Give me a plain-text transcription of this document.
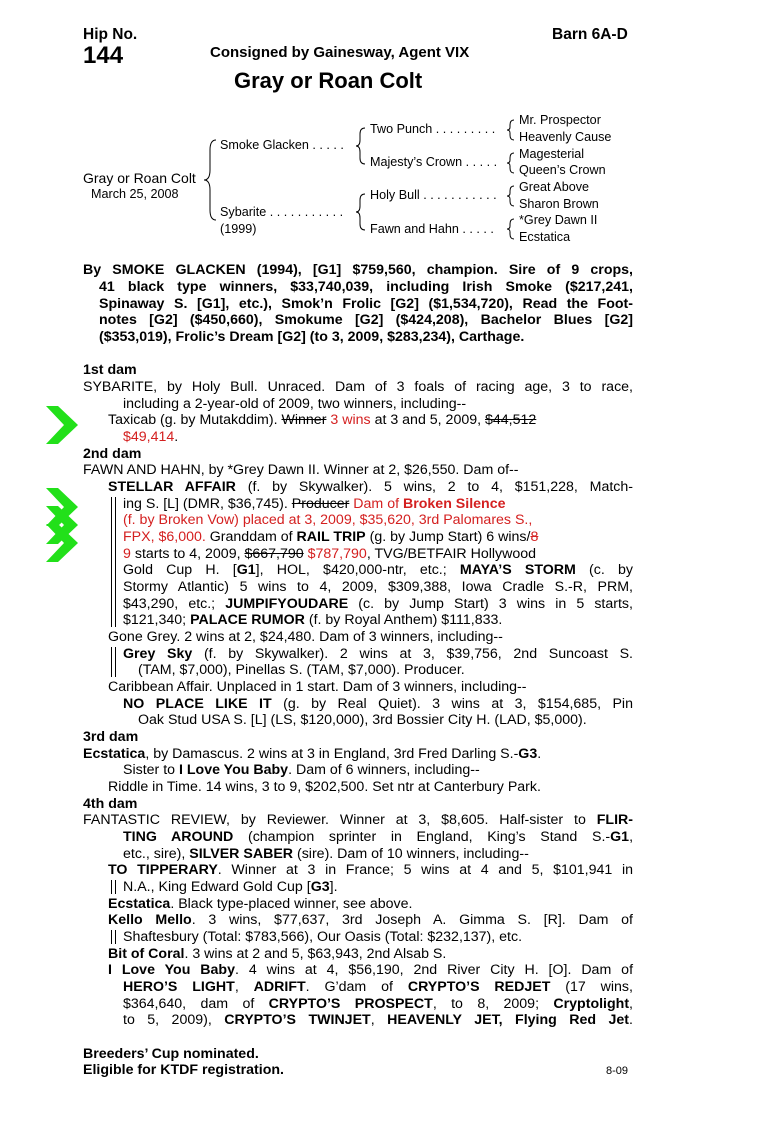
Hip No.
144
Barn 6A-D
Consigned by Gainesway, Agent VIX
Gray or Roan Colt
Gray or Roan Colt
March 25, 2008
Smoke Glacken . . . . .
Sybarite . . . . . . . . . . .
(1999)
Two Punch . . . . . . . . .
Majesty’s Crown . . . . .
Holy Bull . . . . . . . . . . .
Fawn and Hahn . . . . .
Mr. Prospector
Heavenly Cause
Magesterial
Queen’s Crown
Great Above
Sharon Brown
*Grey Dawn II
Ecstatica
By SMOKE GLACKEN (1994), [G1] $759,560, champion. Sire of 9 crops,
41 black type winners, $33,740,039, including Irish Smoke ($217,241,
Spinaway S. [G1], etc.), Smok’n Frolic [G2] ($1,534,720), Read the Foot-
notes [G2] ($450,660), Smokume [G2] ($424,208), Bachelor Blues [G2]
($353,019), Frolic’s Dream [G2] (to 3, 2009, $283,234), Carthage.
1st dam
SYBARITE, by Holy Bull. Unraced. Dam of 3 foals of racing age, 3 to race,
including a 2-year-old of 2009, two winners, including--
Taxicab (g. by Mutakddim). Winner 3 wins at 3 and 5, 2009, $44,512
$49,414.
2nd dam
FAWN AND HAHN, by *Grey Dawn II. Winner at 2, $26,550. Dam of--
STELLAR AFFAIR (f. by Skywalker). 5 wins, 2 to 4, $151,228, Match-
ing S. [L] (DMR, $36,745). Producer Dam of Broken Silence
(f. by Broken Vow) placed at 3, 2009, $35,620, 3rd Palomares S.,
FPX, $6,000. Granddam of RAIL TRIP (g. by Jump Start) 6 wins/8
9 starts to 4, 2009, $667,790 $787,790, TVG/BETFAIR Hollywood
Gold Cup H. [G1], HOL, $420,000-ntr, etc.; MAYA’S STORM (c. by
Stormy Atlantic) 5 wins to 4, 2009, $309,388, Iowa Cradle S.-R, PRM,
$43,290, etc.; JUMPIFYOUDARE (c. by Jump Start) 3 wins in 5 starts,
$121,340; PALACE RUMOR (f. by Royal Anthem) $111,833.
Gone Grey. 2 wins at 2, $24,480. Dam of 3 winners, including--
Grey Sky (f. by Skywalker). 2 wins at 3, $39,756, 2nd Suncoast S.
(TAM, $7,000), Pinellas S. (TAM, $7,000). Producer.
Caribbean Affair. Unplaced in 1 start. Dam of 3 winners, including--
NO PLACE LIKE IT (g. by Real Quiet). 3 wins at 3, $154,685, Pin
Oak Stud USA S. [L] (LS, $120,000), 3rd Bossier City H. (LAD, $5,000).
3rd dam
Ecstatica, by Damascus. 2 wins at 3 in England, 3rd Fred Darling S.-G3.
Sister to I Love You Baby. Dam of 6 winners, including--
Riddle in Time. 14 wins, 3 to 9, $202,500. Set ntr at Canterbury Park.
4th dam
FANTASTIC REVIEW, by Reviewer. Winner at 3, $8,605. Half-sister to FLIR-
TING AROUND (champion sprinter in England, King’s Stand S.-G1,
etc., sire), SILVER SABER (sire). Dam of 10 winners, including--
TO TIPPERARY. Winner at 3 in France; 5 wins at 4 and 5, $101,941 in
N.A., King Edward Gold Cup [G3].
Ecstatica. Black type-placed winner, see above.
Kello Mello. 3 wins, $77,637, 3rd Joseph A. Gimma S. [R]. Dam of
Shaftesbury (Total: $783,566), Our Oasis (Total: $232,137), etc.
Bit of Coral. 3 wins at 2 and 5, $63,943, 2nd Alsab S.
I Love You Baby. 4 wins at 4, $56,190, 2nd River City H. [O]. Dam of
HERO’S LIGHT, ADRIFT. G’dam of CRYPTO’S REDJET (17 wins,
$364,640, dam of CRYPTO’S PROSPECT, to 8, 2009; Cryptolight,
to 5, 2009), CRYPTO’S TWINJET, HEAVENLY JET, Flying Red Jet.
Breeders’ Cup nominated.
Eligible for KTDF registration.	8-09
